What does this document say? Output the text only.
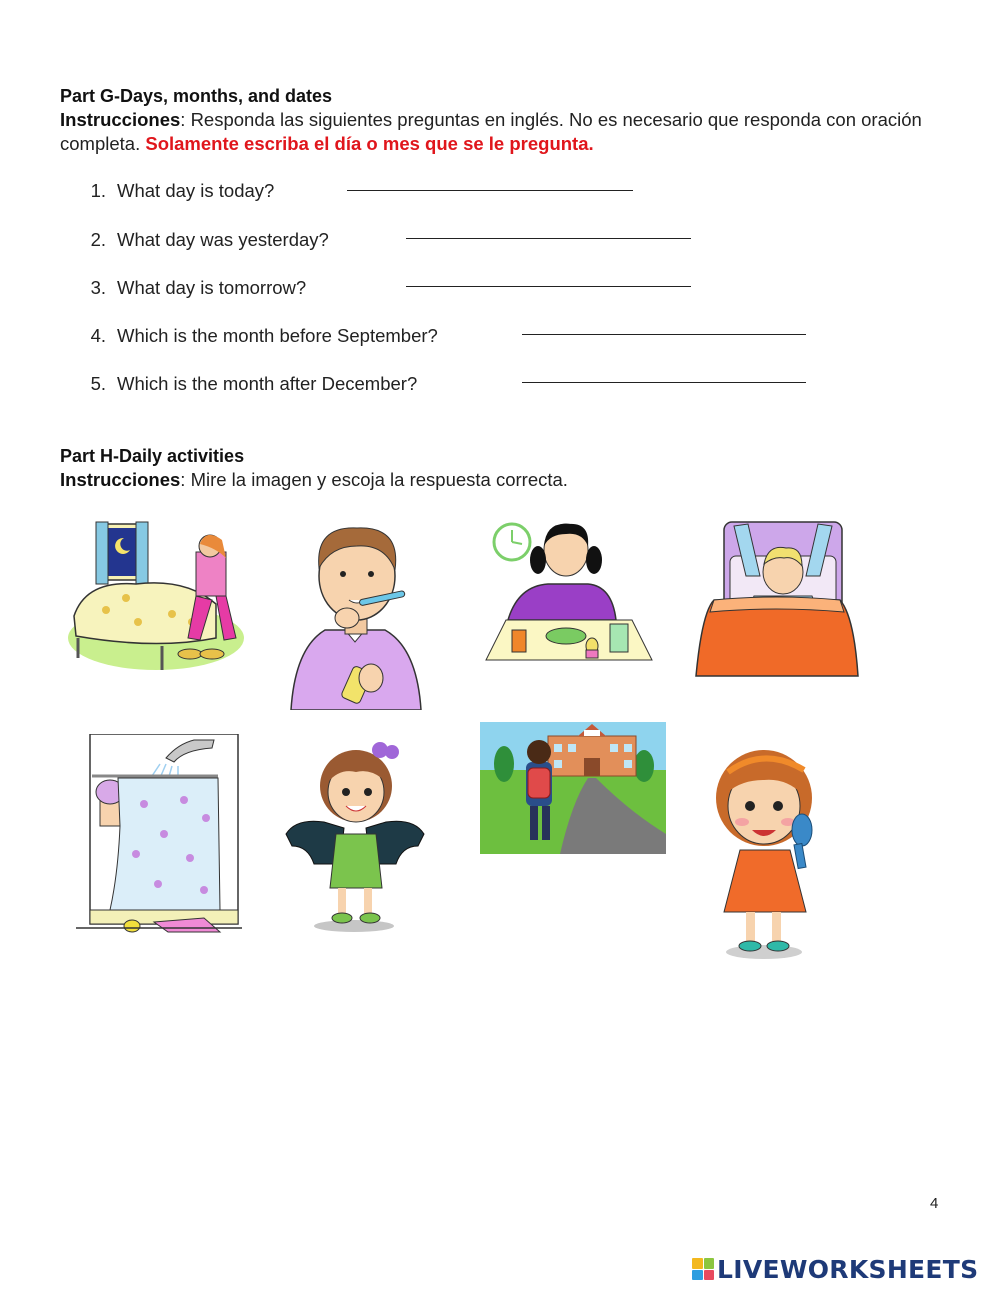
Part G-Days, months, and dates
Instrucciones: Responda las siguientes preguntas en inglés. No es necesario que responda con oración completa. Solamente escriba el día o mes que se le pregunta.
1. What day is today?
2. What day was yesterday?
3. What day is tomorrow?
4. Which is the month before September?
5. Which is the month after December?
Part H-Daily activities
Instrucciones: Mire la imagen y escoja la respuesta correcta.
4
LIVEWORKSHEETS
